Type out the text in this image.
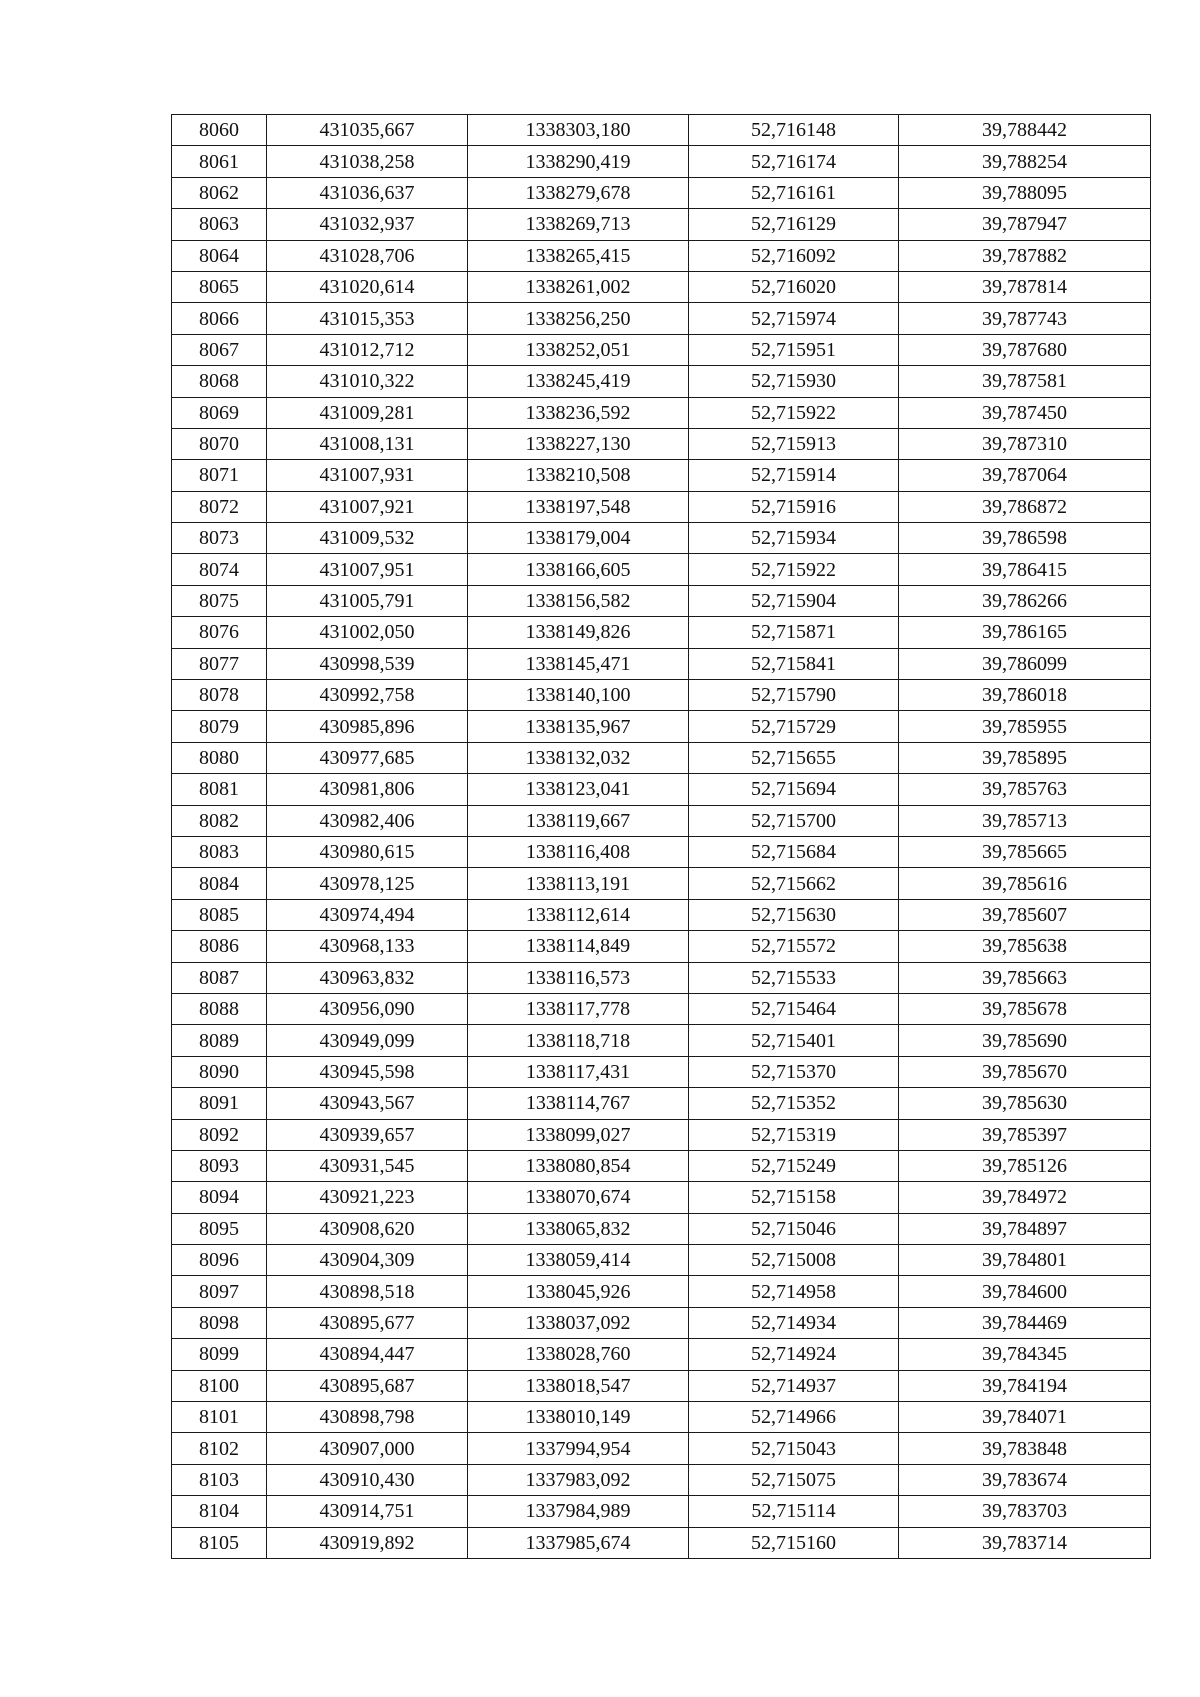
8060	431035,667	1338303,180	52,716148	39,788442
8061	431038,258	1338290,419	52,716174	39,788254
8062	431036,637	1338279,678	52,716161	39,788095
8063	431032,937	1338269,713	52,716129	39,787947
8064	431028,706	1338265,415	52,716092	39,787882
8065	431020,614	1338261,002	52,716020	39,787814
8066	431015,353	1338256,250	52,715974	39,787743
8067	431012,712	1338252,051	52,715951	39,787680
8068	431010,322	1338245,419	52,715930	39,787581
8069	431009,281	1338236,592	52,715922	39,787450
8070	431008,131	1338227,130	52,715913	39,787310
8071	431007,931	1338210,508	52,715914	39,787064
8072	431007,921	1338197,548	52,715916	39,786872
8073	431009,532	1338179,004	52,715934	39,786598
8074	431007,951	1338166,605	52,715922	39,786415
8075	431005,791	1338156,582	52,715904	39,786266
8076	431002,050	1338149,826	52,715871	39,786165
8077	430998,539	1338145,471	52,715841	39,786099
8078	430992,758	1338140,100	52,715790	39,786018
8079	430985,896	1338135,967	52,715729	39,785955
8080	430977,685	1338132,032	52,715655	39,785895
8081	430981,806	1338123,041	52,715694	39,785763
8082	430982,406	1338119,667	52,715700	39,785713
8083	430980,615	1338116,408	52,715684	39,785665
8084	430978,125	1338113,191	52,715662	39,785616
8085	430974,494	1338112,614	52,715630	39,785607
8086	430968,133	1338114,849	52,715572	39,785638
8087	430963,832	1338116,573	52,715533	39,785663
8088	430956,090	1338117,778	52,715464	39,785678
8089	430949,099	1338118,718	52,715401	39,785690
8090	430945,598	1338117,431	52,715370	39,785670
8091	430943,567	1338114,767	52,715352	39,785630
8092	430939,657	1338099,027	52,715319	39,785397
8093	430931,545	1338080,854	52,715249	39,785126
8094	430921,223	1338070,674	52,715158	39,784972
8095	430908,620	1338065,832	52,715046	39,784897
8096	430904,309	1338059,414	52,715008	39,784801
8097	430898,518	1338045,926	52,714958	39,784600
8098	430895,677	1338037,092	52,714934	39,784469
8099	430894,447	1338028,760	52,714924	39,784345
8100	430895,687	1338018,547	52,714937	39,784194
8101	430898,798	1338010,149	52,714966	39,784071
8102	430907,000	1337994,954	52,715043	39,783848
8103	430910,430	1337983,092	52,715075	39,783674
8104	430914,751	1337984,989	52,715114	39,783703
8105	430919,892	1337985,674	52,715160	39,783714
